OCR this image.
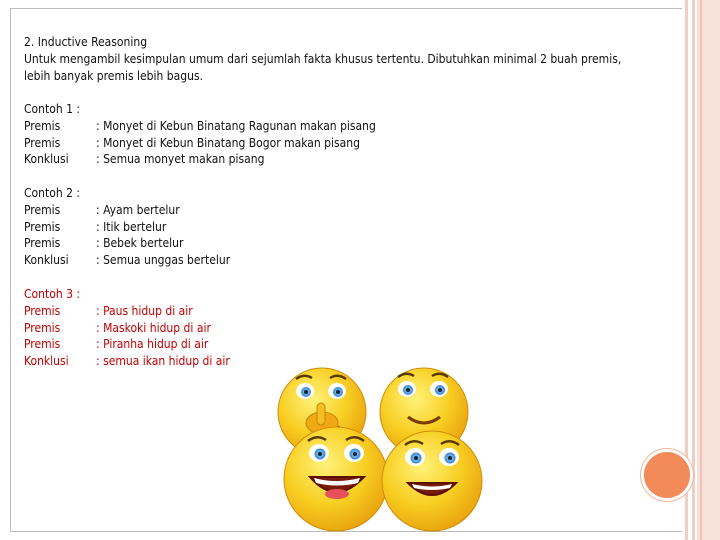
2. Inductive Reasoning
Untuk mengambil kesimpulan umum dari sejumlah fakta khusus tertentu. Dibutuhkan minimal 2 buah premis,
lebih banyak premis lebih bagus.
Contoh 1 :
Premis	: Monyet di Kebun Binatang Ragunan makan pisang
Premis	: Monyet di Kebun Binatang Bogor makan pisang
Konklusi	: Semua monyet makan pisang
Contoh 2 :
Premis	: Ayam bertelur
Premis	: Itik bertelur
Premis	: Bebek bertelur
Konklusi	: Semua unggas bertelur
Contoh 3 :
Premis	: Paus hidup di air
Premis	: Maskoki hidup di air
Premis	: Piranha hidup di air
Konklusi	: semua ikan hidup di air
